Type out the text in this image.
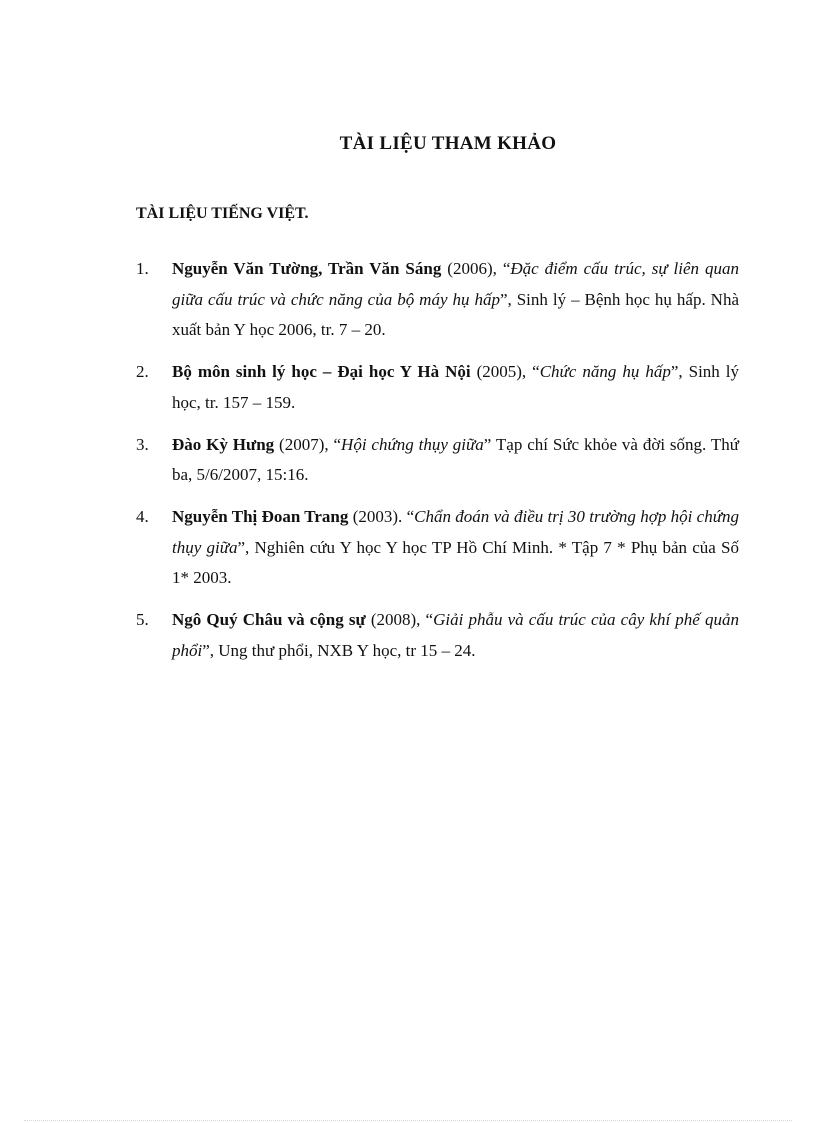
TÀI LIỆU THAM KHẢO
TÀI LIỆU TIẾNG VIỆT.
1.	Nguyễn Văn Tường, Trần Văn Sáng (2006), “Đặc điểm cấu trúc, sự liên quan giữa cấu trúc và chức năng của bộ máy hụ hấp”, Sinh lý – Bệnh học hụ hấp. Nhà xuất bản Y học 2006, tr. 7 – 20.
2.	Bộ môn sinh lý học – Đại học Y Hà Nội (2005), “Chức năng hụ hấp”, Sinh lý học, tr. 157 – 159.
3.	Đào Kỳ Hưng (2007), “Hội chứng thụy giữa” Tạp chí Sức khỏe và đời sống. Thứ ba, 5/6/2007, 15:16.
4.	Nguyễn Thị Đoan Trang (2003). “Chẩn đoán và điều trị 30 trường hợp hội chứng thụy giữa”, Nghiên cứu Y học Y học TP Hồ Chí Minh. * Tập 7 * Phụ bản của Số 1* 2003.
5.	Ngô Quý Châu và cộng sự (2008), “Giải phẫu và cấu trúc của cây khí phế quản phổi”, Ung thư phổi, NXB Y học, tr 15 – 24.
